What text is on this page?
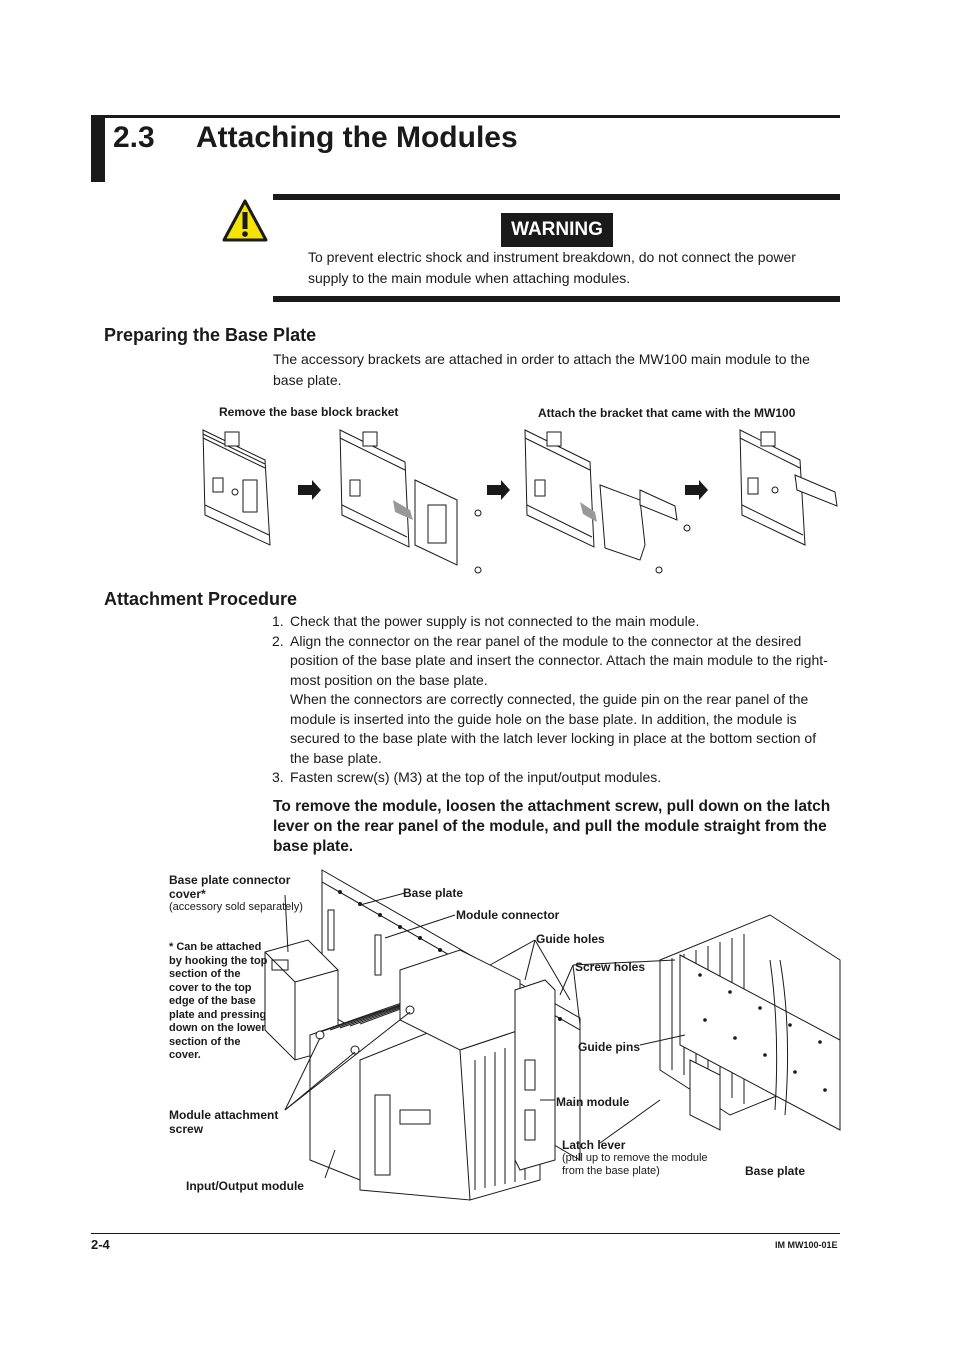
2.3 Attaching the Modules
WARNING
To prevent electric shock and instrument breakdown, do not connect the power supply to the main module when attaching modules.
Preparing the Base Plate
The accessory brackets are attached in order to attach the MW100 main module to the base plate.
Remove the base block bracket	Attach the bracket that came with the MW100
Attachment Procedure
1. Check that the power supply is not connected to the main module.
2. Align the connector on the rear panel of the module to the connector at the desired position of the base plate and insert the connector. Attach the main module to the right-most position on the base plate.
When the connectors are correctly connected, the guide pin on the rear panel of the module is inserted into the guide hole on the base plate. In addition, the module is secured to the base plate with the latch lever locking in place at the bottom section of the base plate.
3. Fasten screw(s) (M3) at the top of the input/output modules.
To remove the module, loosen the attachment screw, pull down on the latch lever on the rear panel of the module, and pull the module straight from the base plate.
Base plate connector cover*
(accessory sold separately)
* Can be attached by hooking the top section of the cover to the top edge of the base plate and pressing down on the lower section of the cover.
Base plate
Module connector
Guide holes
Screw holes
Guide pins
Main module
Module attachment screw
Latch lever
(pull up to remove the module from the base plate)
Input/Output module
Base plate
2-4	IM MW100-01E
